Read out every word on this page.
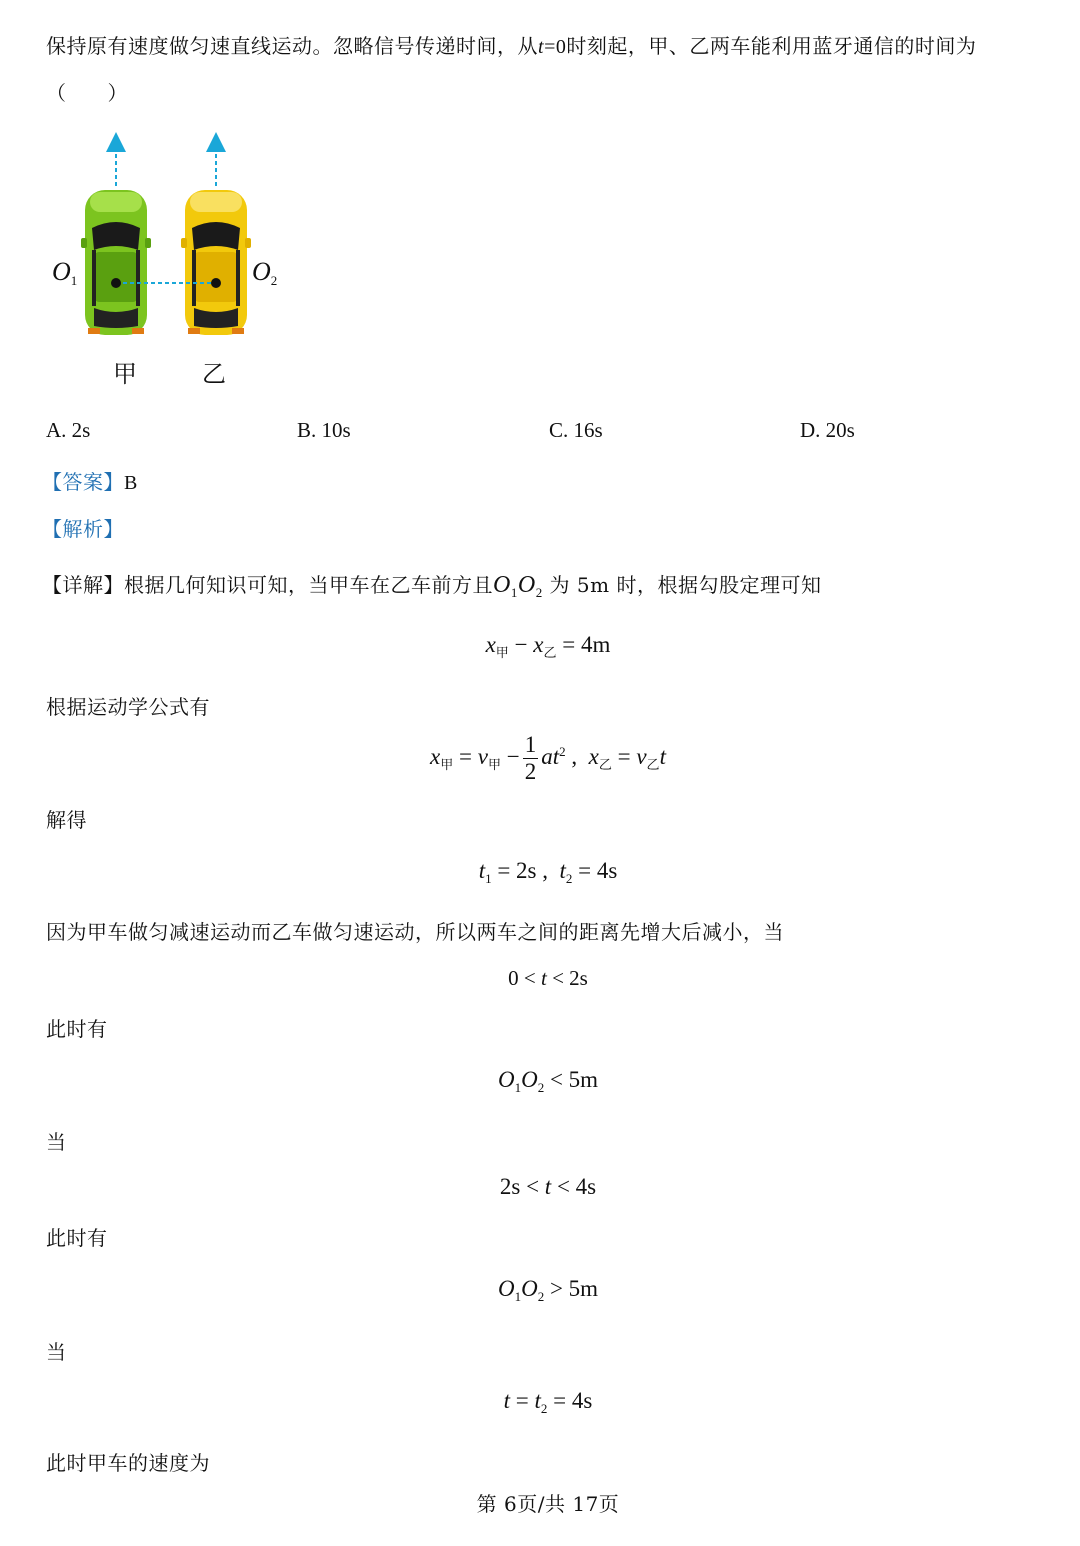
保持原有速度做匀速直线运动。忽略信号传递时间，从t=0时刻起，甲、乙两车能利用蓝牙通信的时间为
（　　）
$O_1$	$O_2$
甲	乙
A. 2s	B. 10s	C. 16s	D. 20s
【答案】B
【解析】
【详解】根据几何知识可知，当甲车在乙车前方且$O_1O_2$ 为 5m 时，根据勾股定理可知
$x_甲 - x_乙 = 4m$
根据运动学公式有
$x_甲 = v_甲 - \frac{1}{2} at^2$ ,  $x_乙 = v_乙t$
解得
$t_1 = 2s$ ,  $t_2 = 4s$
因为甲车做匀减速运动而乙车做匀速运动，所以两车之间的距离先增大后减小，当
0 < t < 2s
此时有
$O_1O_2 < 5m$
当
2s < t < 4s
此时有
$O_1O_2 > 5m$
当
$t = t_2 = 4s$
此时甲车的速度为
第 6页/共 17页
